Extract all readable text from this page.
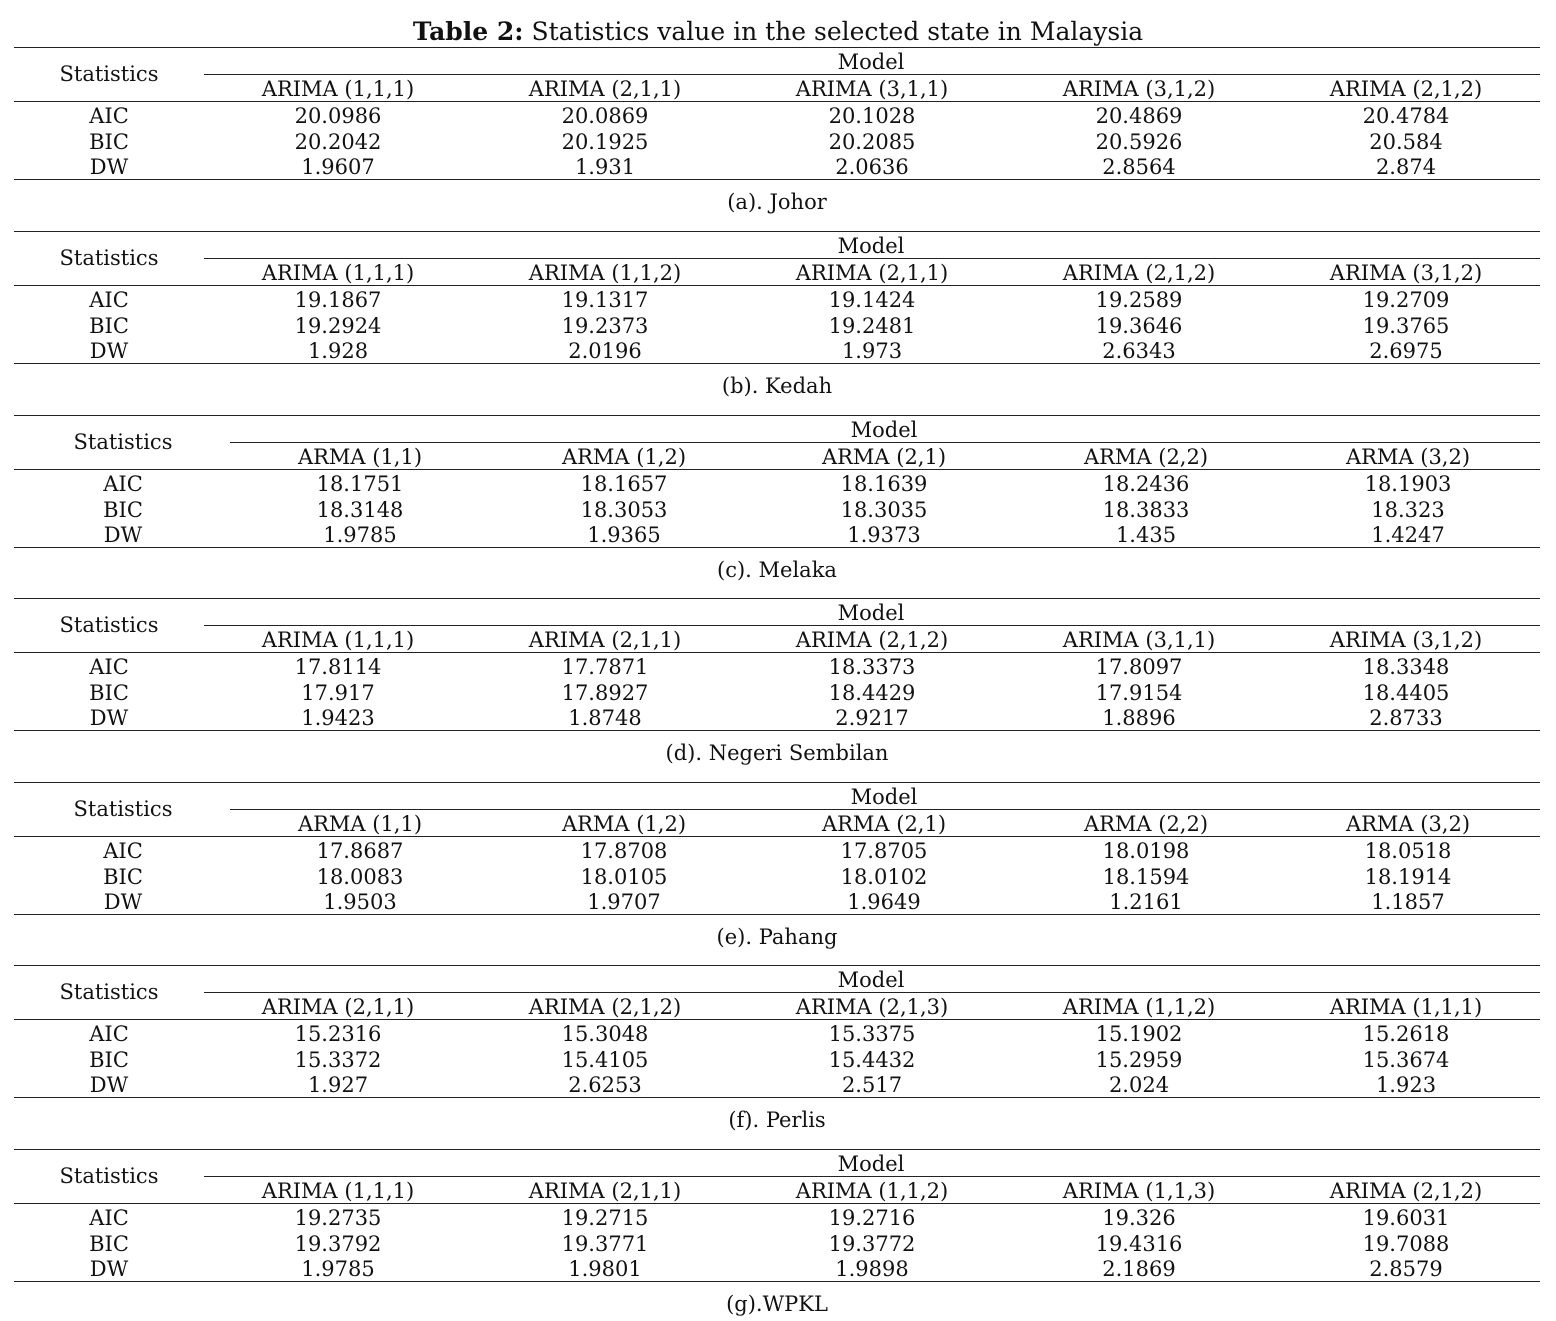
Table 2: Statistics value in the selected state in Malaysia
Statistics	Model
ARIMA (1,1,1)	ARIMA (2,1,1)	ARIMA (3,1,1)	ARIMA (3,1,2)	ARIMA (2,1,2)
AIC	20.0986	20.0869	20.1028	20.4869	20.4784
BIC	20.2042	20.1925	20.2085	20.5926	20.584
DW	1.9607	1.931	2.0636	2.8564	2.874
(a). Johor
Statistics	Model
ARIMA (1,1,1)	ARIMA (1,1,2)	ARIMA (2,1,1)	ARIMA (2,1,2)	ARIMA (3,1,2)
AIC	19.1867	19.1317	19.1424	19.2589	19.2709
BIC	19.2924	19.2373	19.2481	19.3646	19.3765
DW	1.928	2.0196	1.973	2.6343	2.6975
(b). Kedah
Statistics	Model
ARMA (1,1)	ARMA (1,2)	ARMA (2,1)	ARMA (2,2)	ARMA (3,2)
AIC	18.1751	18.1657	18.1639	18.2436	18.1903
BIC	18.3148	18.3053	18.3035	18.3833	18.323
DW	1.9785	1.9365	1.9373	1.435	1.4247
(c). Melaka
Statistics	Model
ARIMA (1,1,1)	ARIMA (2,1,1)	ARIMA (2,1,2)	ARIMA (3,1,1)	ARIMA (3,1,2)
AIC	17.8114	17.7871	18.3373	17.8097	18.3348
BIC	17.917	17.8927	18.4429	17.9154	18.4405
DW	1.9423	1.8748	2.9217	1.8896	2.8733
(d). Negeri Sembilan
Statistics	Model
ARMA (1,1)	ARMA (1,2)	ARMA (2,1)	ARMA (2,2)	ARMA (3,2)
AIC	17.8687	17.8708	17.8705	18.0198	18.0518
BIC	18.0083	18.0105	18.0102	18.1594	18.1914
DW	1.9503	1.9707	1.9649	1.2161	1.1857
(e). Pahang
Statistics	Model
ARIMA (2,1,1)	ARIMA (2,1,2)	ARIMA (2,1,3)	ARIMA (1,1,2)	ARIMA (1,1,1)
AIC	15.2316	15.3048	15.3375	15.1902	15.2618
BIC	15.3372	15.4105	15.4432	15.2959	15.3674
DW	1.927	2.6253	2.517	2.024	1.923
(f). Perlis
Statistics	Model
ARIMA (1,1,1)	ARIMA (2,1,1)	ARIMA (1,1,2)	ARIMA (1,1,3)	ARIMA (2,1,2)
AIC	19.2735	19.2715	19.2716	19.326	19.6031
BIC	19.3792	19.3771	19.3772	19.4316	19.7088
DW	1.9785	1.9801	1.9898	2.1869	2.8579
(g).WPKL
